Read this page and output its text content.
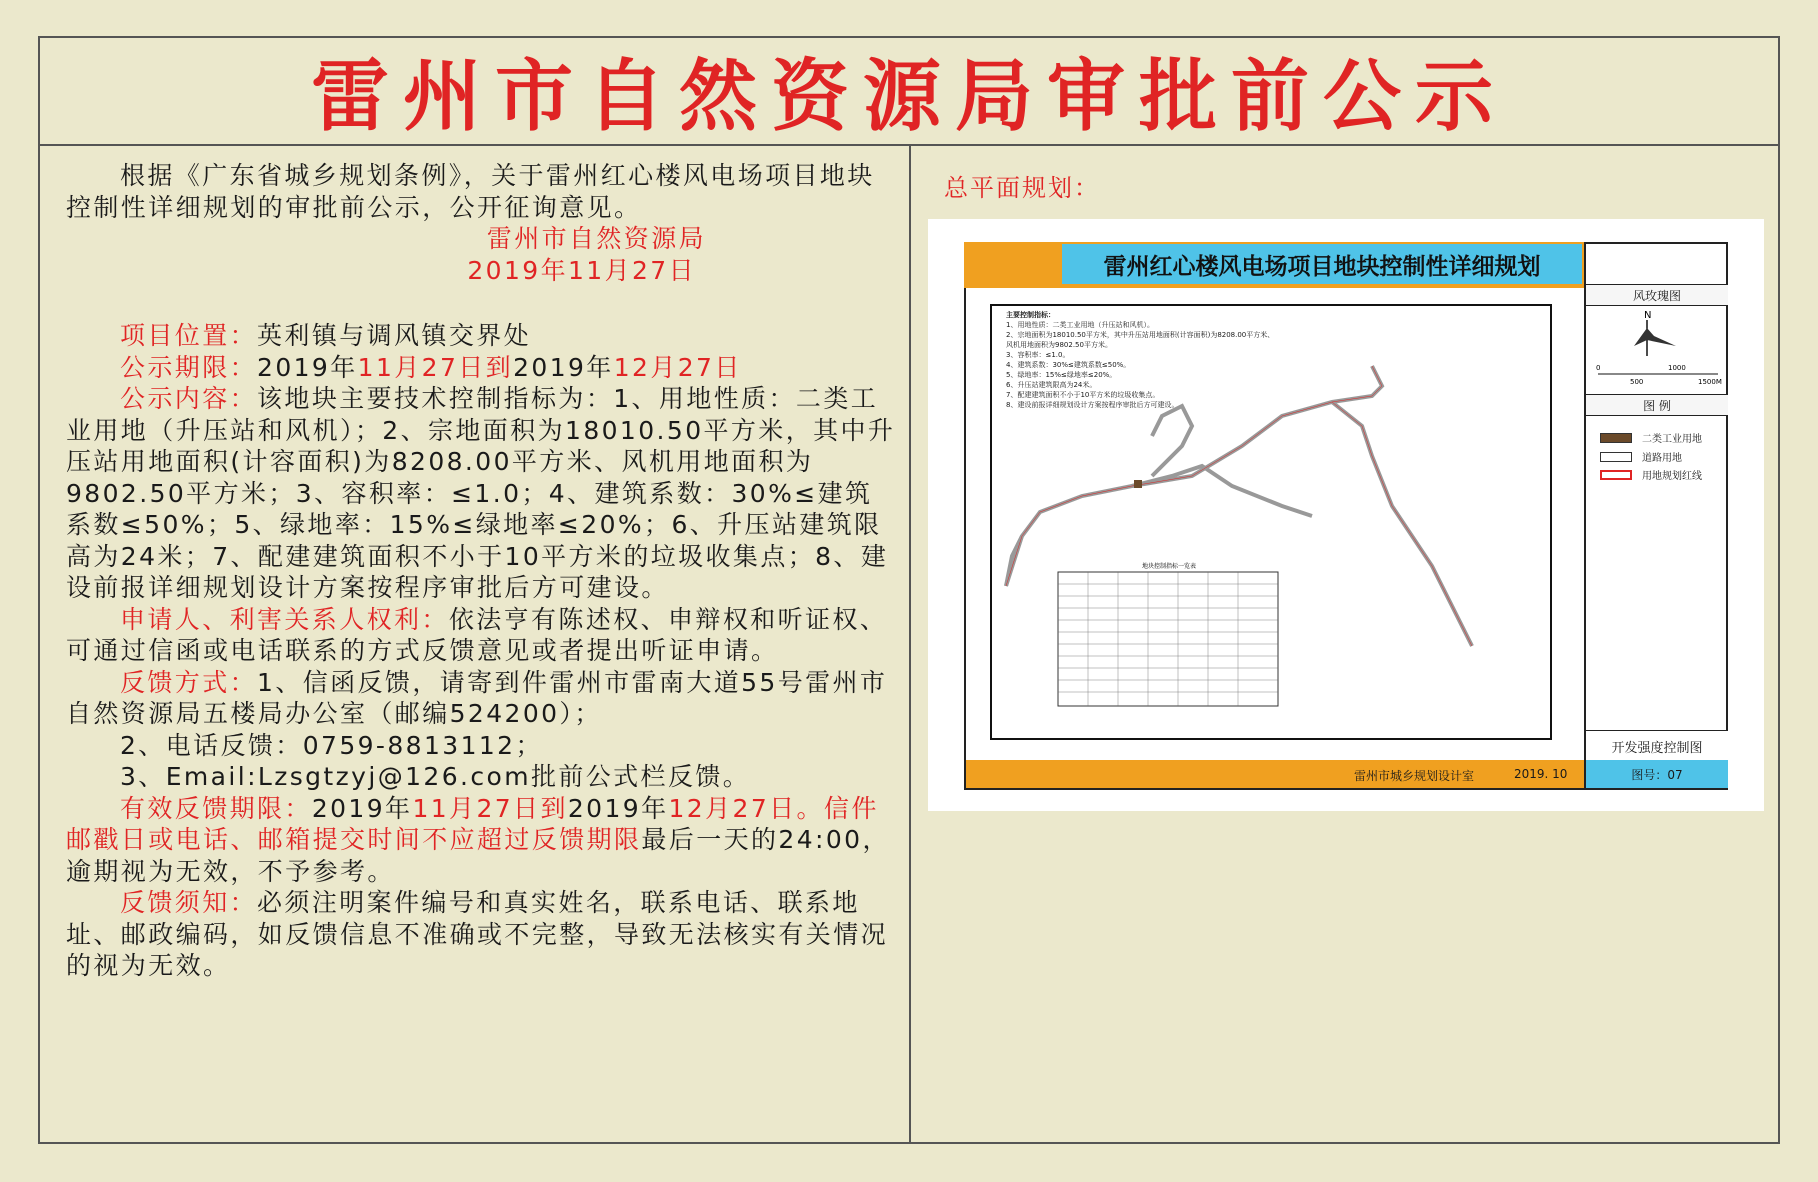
雷州市自然资源局审批前公示

根据《广东省城乡规划条例》，关于雷州红心楼风电场项目地块控制性详细规划的审批前公示，公开征询意见。

雷州市自然资源局

2019年11月27日

项目位置：英利镇与调风镇交界处

公示期限：2019年11月27日到2019年12月27日

公示内容：该地块主要技术控制指标为：1、用地性质：二类工业用地（升压站和风机）；2、宗地面积为18010.50平方米，其中升压站用地面积(计容面积)为8208.00平方米、风机用地面积为9802.50平方米；3、容积率：≤1.0；4、建筑系数：30%≤建筑系数≤50%；5、绿地率：15%≤绿地率≤20%；6、升压站建筑限高为24米；7、配建建筑面积不小于10平方米的垃圾收集点；8、建设前报详细规划设计方案按程序审批后方可建设。

申请人、利害关系人权利：依法亨有陈述权、申辩权和听证权、可通过信函或电话联系的方式反馈意见或者提出听证申请。

反馈方式：1、信函反馈，请寄到件雷州市雷南大道55号雷州市自然资源局五楼局办公室（邮编524200）；

2、电话反馈：0759-8813112；

3、Email:Lzsgtzyj@126.com批前公式栏反馈。

有效反馈期限：2019年11月27日到2019年12月27日。信件邮戳日或电话、邮箱提交时间不应超过反馈期限最后一天的24:00，逾期视为无效，不予参考。

反馈须知：必须注明案件编号和真实姓名，联系电话、联系地址、邮政编码，如反馈信息不准确或不完整，导致无法核实有关情况的视为无效。

总平面规划：
雷州红心楼风电场项目地块控制性详细规划
风玫瑰图
N
0
500
1000
1500M
图 例
二类工业用地
道路用地
用地规划红线
开发强度控制图
雷州市城乡规划设计室	2019. 10	图号：07
主要控制指标：
1、用地性质：二类工业用地（升压站和风机）。
2、宗地面积为18010.50平方米，其中升压站用地面积(计容面积)为8208.00平方米、
风机用地面积为9802.50平方米。
3、容积率：≤1.0。
4、建筑系数：30%≤建筑系数≤50%。
5、绿地率：15%≤绿地率≤20%。
6、升压站建筑限高为24米。
7、配建建筑面积不小于10平方米的垃圾收集点。
8、建设前报详细规划设计方案按程序审批后方可建设。
地块控制指标一览表
